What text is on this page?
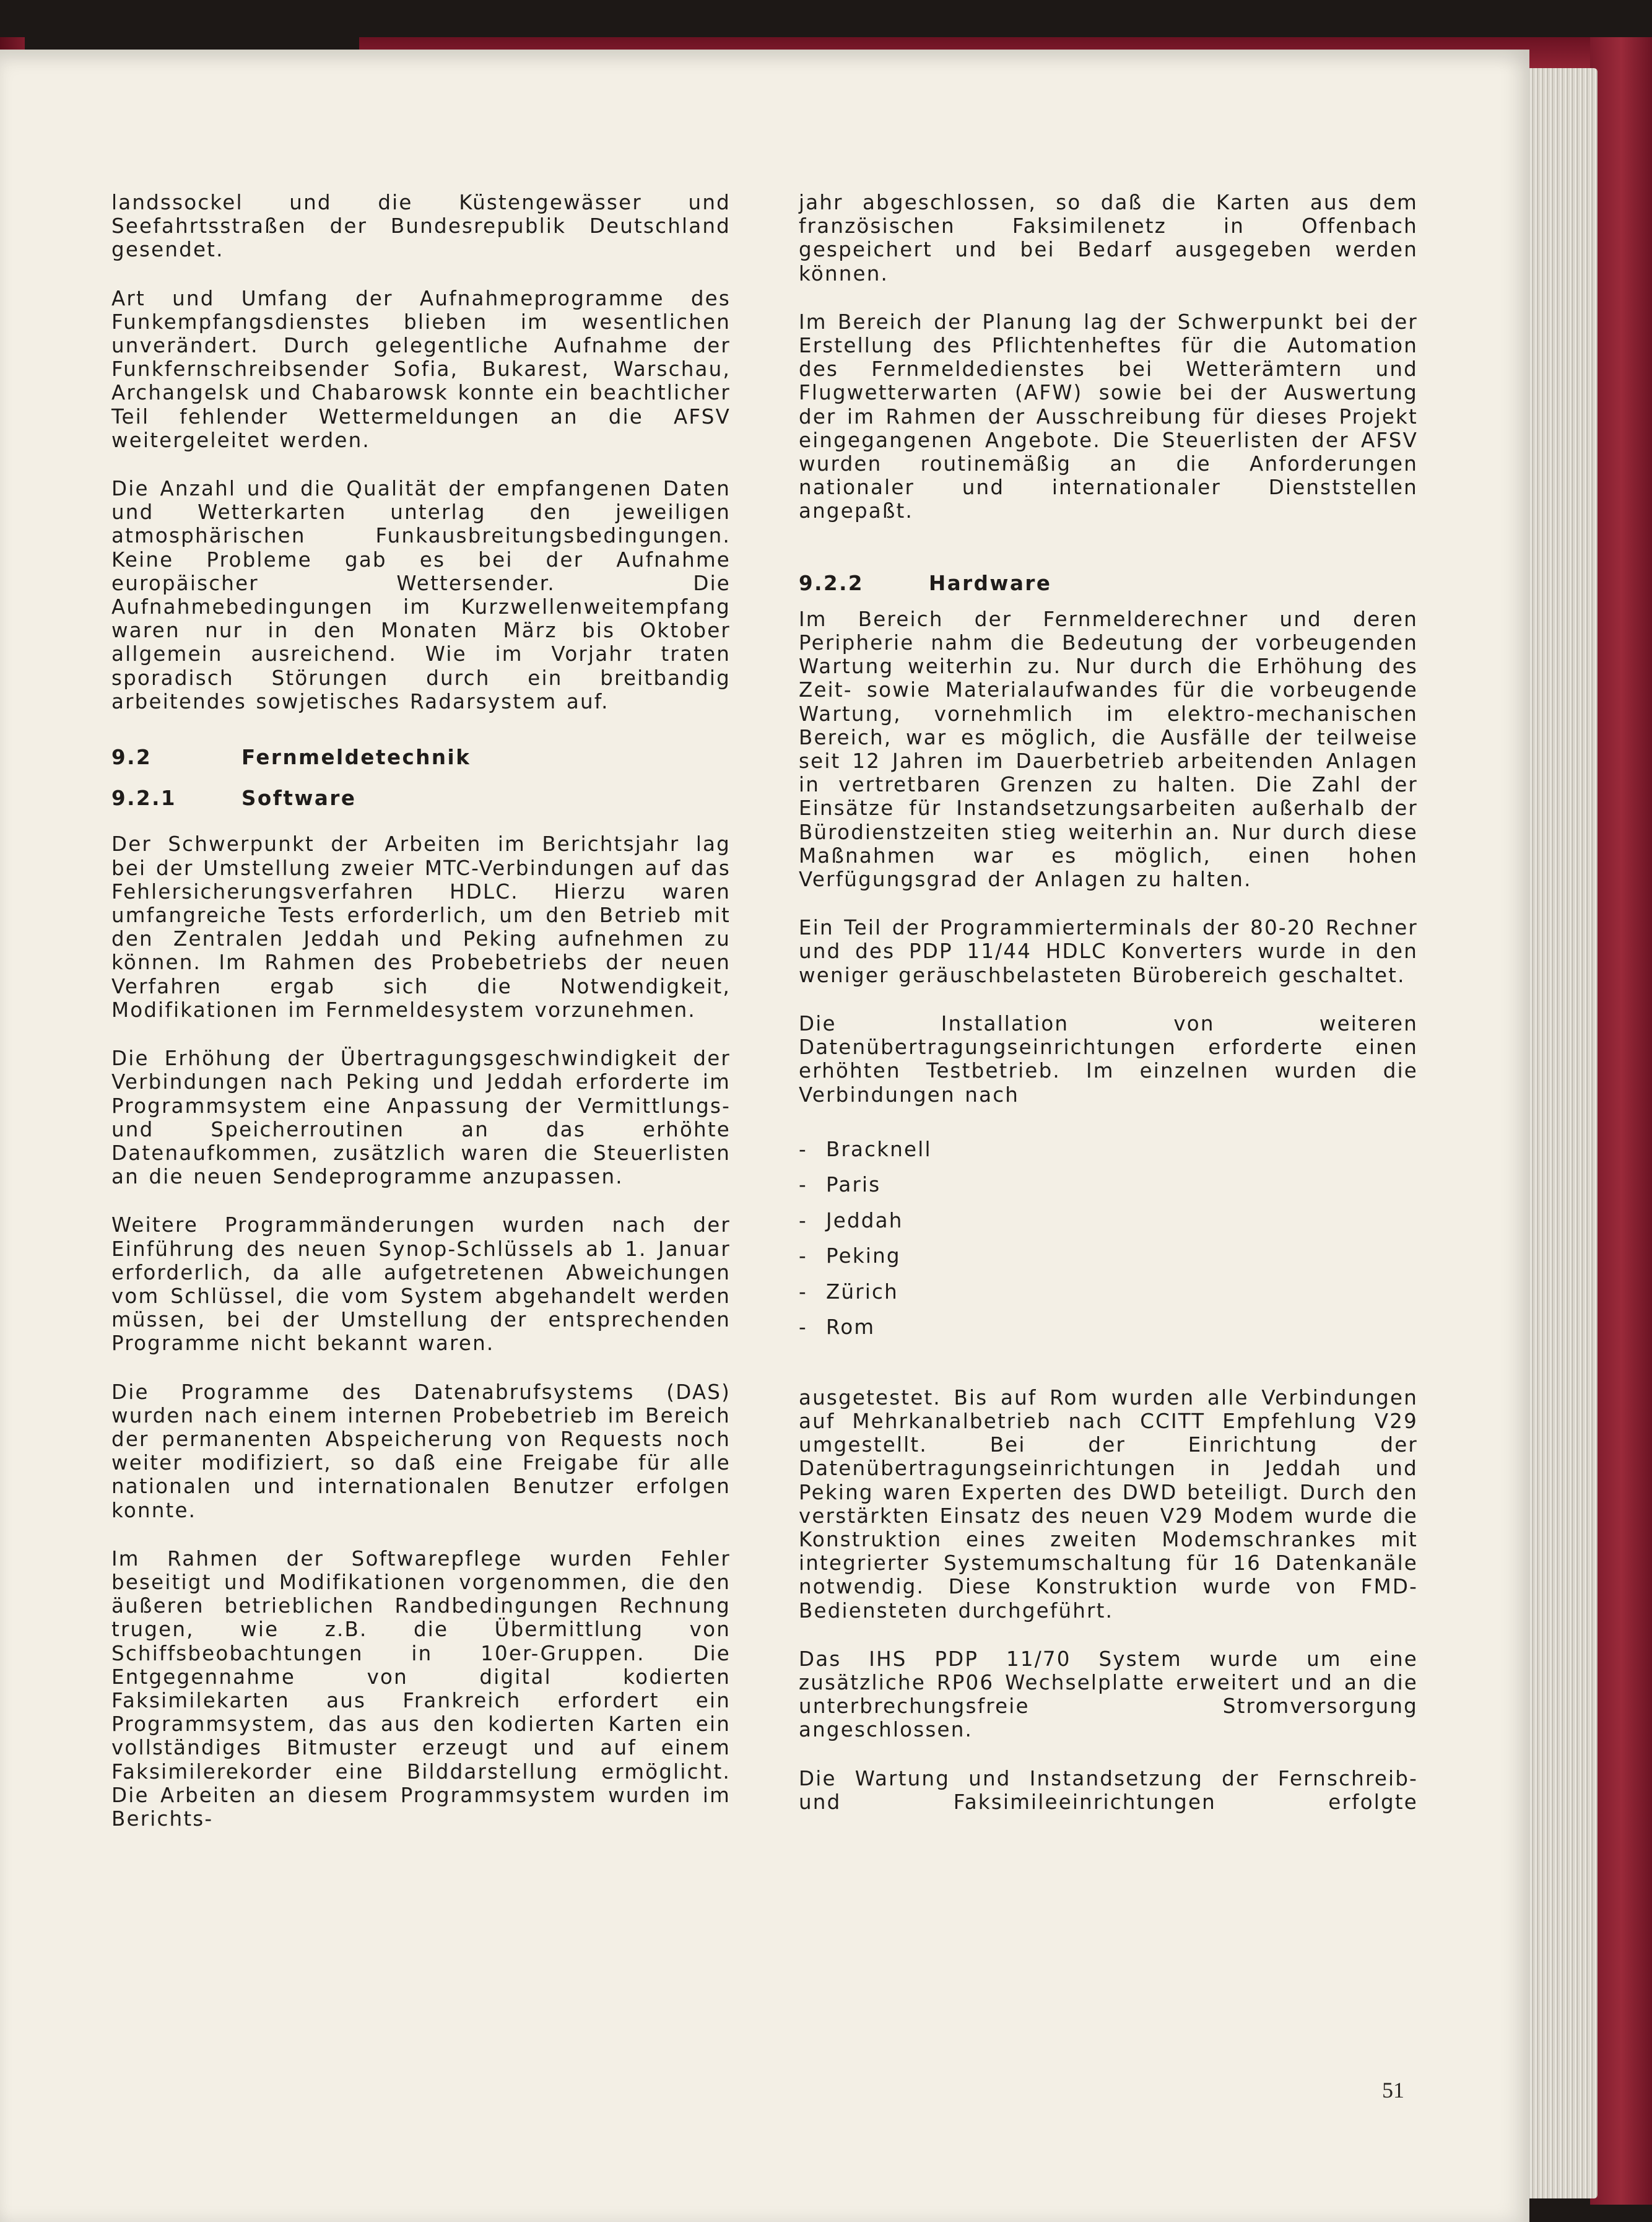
landssockel und die Küstengewässer und Seefahrtsstraßen der Bundesrepublik Deutschland gesendet.

Art und Umfang der Aufnahmeprogramme des Funkempfangsdienstes blieben im wesentlichen unverändert. Durch gelegentliche Aufnahme der Funkfernschreibsender Sofia, Bukarest, Warschau, Archangelsk und Chabarowsk konnte ein beachtlicher Teil fehlender Wettermeldungen an die AFSV weitergeleitet werden.

Die Anzahl und die Qualität der empfangenen Daten und Wetterkarten unterlag den jeweiligen atmosphärischen Funkausbreitungsbedingungen. Keine Probleme gab es bei der Aufnahme europäischer Wettersender. Die Aufnahmebedingungen im Kurzwellenweitempfang waren nur in den Monaten März bis Oktober allgemein ausreichend. Wie im Vorjahr traten sporadisch Störungen durch ein breitbandig arbeitendes sowjetisches Radarsystem auf.

9.2	Fernmeldetechnik
9.2.1	Software

Der Schwerpunkt der Arbeiten im Berichtsjahr lag bei der Umstellung zweier MTC-Verbindungen auf das Fehlersicherungsverfahren HDLC. Hierzu waren umfangreiche Tests erforderlich, um den Betrieb mit den Zentralen Jeddah und Peking aufnehmen zu können. Im Rahmen des Probebetriebs der neuen Verfahren ergab sich die Notwendigkeit, Modifikationen im Fernmeldesystem vorzunehmen.

Die Erhöhung der Übertragungsgeschwindigkeit der Verbindungen nach Peking und Jeddah erforderte im Programmsystem eine Anpassung der Vermittlungs- und Speicherroutinen an das erhöhte Datenaufkommen, zusätzlich waren die Steuerlisten an die neuen Sendeprogramme anzupassen.

Weitere Programmänderungen wurden nach der Einführung des neuen Synop-Schlüssels ab 1. Januar erforderlich, da alle aufgetretenen Abweichungen vom Schlüssel, die vom System abgehandelt werden müssen, bei der Umstellung der entsprechenden Programme nicht bekannt waren.

Die Programme des Datenabrufsystems (DAS) wurden nach einem internen Probebetrieb im Bereich der permanenten Abspeicherung von Requests noch weiter modifiziert, so daß eine Freigabe für alle nationalen und internationalen Benutzer erfolgen konnte.

Im Rahmen der Softwarepflege wurden Fehler beseitigt und Modifikationen vorgenommen, die den äußeren betrieblichen Randbedingungen Rechnung trugen, wie z.B. die Übermittlung von Schiffsbeobachtungen in 10er-Gruppen. Die Entgegennahme von digital kodierten Faksimilekarten aus Frankreich erfordert ein Programmsystem, das aus den kodierten Karten ein vollständiges Bitmuster erzeugt und auf einem Faksimilerekorder eine Bilddarstellung ermöglicht. Die Arbeiten an diesem Programmsystem wurden im Berichts-

jahr abgeschlossen, so daß die Karten aus dem französischen Faksimilenetz in Offenbach gespeichert und bei Bedarf ausgegeben werden können.

Im Bereich der Planung lag der Schwerpunkt bei der Erstellung des Pflichtenheftes für die Automation des Fernmeldedienstes bei Wetterämtern und Flugwetterwarten (AFW) sowie bei der Auswertung der im Rahmen der Ausschreibung für dieses Projekt eingegangenen Angebote. Die Steuerlisten der AFSV wurden routinemäßig an die Anforderungen nationaler und internationaler Dienststellen angepaßt.

9.2.2	Hardware

Im Bereich der Fernmelderechner und deren Peripherie nahm die Bedeutung der vorbeugenden Wartung weiterhin zu. Nur durch die Erhöhung des Zeit- sowie Materialaufwandes für die vorbeugende Wartung, vornehmlich im elektro-mechanischen Bereich, war es möglich, die Ausfälle der teilweise seit 12 Jahren im Dauerbetrieb arbeitenden Anlagen in vertretbaren Grenzen zu halten. Die Zahl der Einsätze für Instandsetzungsarbeiten außerhalb der Bürodienstzeiten stieg weiterhin an. Nur durch diese Maßnahmen war es möglich, einen hohen Verfügungsgrad der Anlagen zu halten.

Ein Teil der Programmierterminals der 80-20 Rechner und des PDP 11/44 HDLC Konverters wurde in den weniger geräuschbelasteten Bürobereich geschaltet.

Die Installation von weiteren Datenübertragungseinrichtungen erforderte einen erhöhten Testbetrieb. Im einzelnen wurden die Verbindungen nach

- Bracknell
- Paris
- Jeddah
- Peking
- Zürich
- Rom

ausgetestet. Bis auf Rom wurden alle Verbindungen auf Mehrkanalbetrieb nach CCITT Empfehlung V29 umgestellt. Bei der Einrichtung der Datenübertragungseinrichtungen in Jeddah und Peking waren Experten des DWD beteiligt. Durch den verstärkten Einsatz des neuen V29 Modem wurde die Konstruktion eines zweiten Modemschrankes mit integrierter Systemumschaltung für 16 Datenkanäle notwendig. Diese Konstruktion wurde von FMD-Bediensteten durchgeführt.

Das IHS PDP 11/70 System wurde um eine zusätzliche RP06 Wechselplatte erweitert und an die unterbrechungsfreie Stromversorgung angeschlossen.

Die Wartung und Instandsetzung der Fernschreib- und Faksimileeinrichtungen erfolgte

51
